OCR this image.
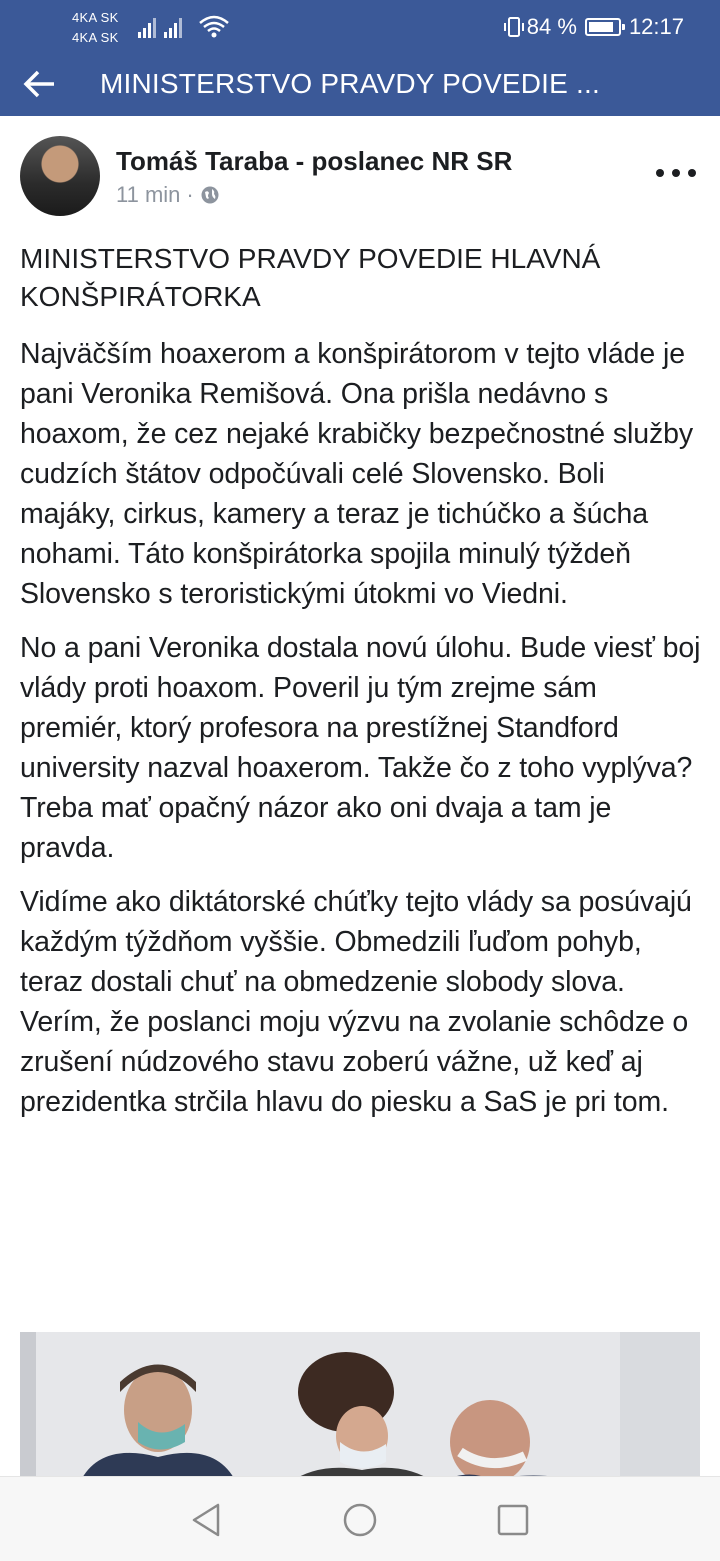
4KA SK
4KA SK	84 % 12:17
MINISTERSTVO PRAVDY POVEDIE ...
Tomáš Taraba - poslanec NR SR
11 min ·

MINISTERSTVO PRAVDY POVEDIE HLAVNÁ KONŠPIRÁTORKA

Najväčším hoaxerom a konšpirátorom v tejto vláde je pani Veronika Remišová. Ona prišla nedávno s hoaxom, že cez nejaké krabičky bezpečnostné služby cudzích štátov odpočúvali celé Slovensko. Boli majáky, cirkus, kamery a teraz je tichúčko a šúcha nohami. Táto konšpirátorka spojila minulý týždeň Slovensko s teroristickými útokmi vo Viedni.

No a pani Veronika dostala novú úlohu. Bude viesť boj vlády proti hoaxom. Poveril ju tým zrejme sám premiér, ktorý profesora na prestížnej Standford university nazval hoaxerom. Takže čo z toho vyplýva? Treba mať opačný názor ako oni dvaja a tam je pravda.

Vidíme ako diktátorské chúťky tejto vlády sa posúvajú každým týždňom vyššie. Obmedzili ľuďom pohyb, teraz dostali chuť na obmedzenie slobody slova. Verím, že poslanci moju výzvu na zvolanie schôdze o zrušení núdzového stavu zoberú vážne, už keď aj prezidentka strčila hlavu do piesku a SaS je pri tom.
